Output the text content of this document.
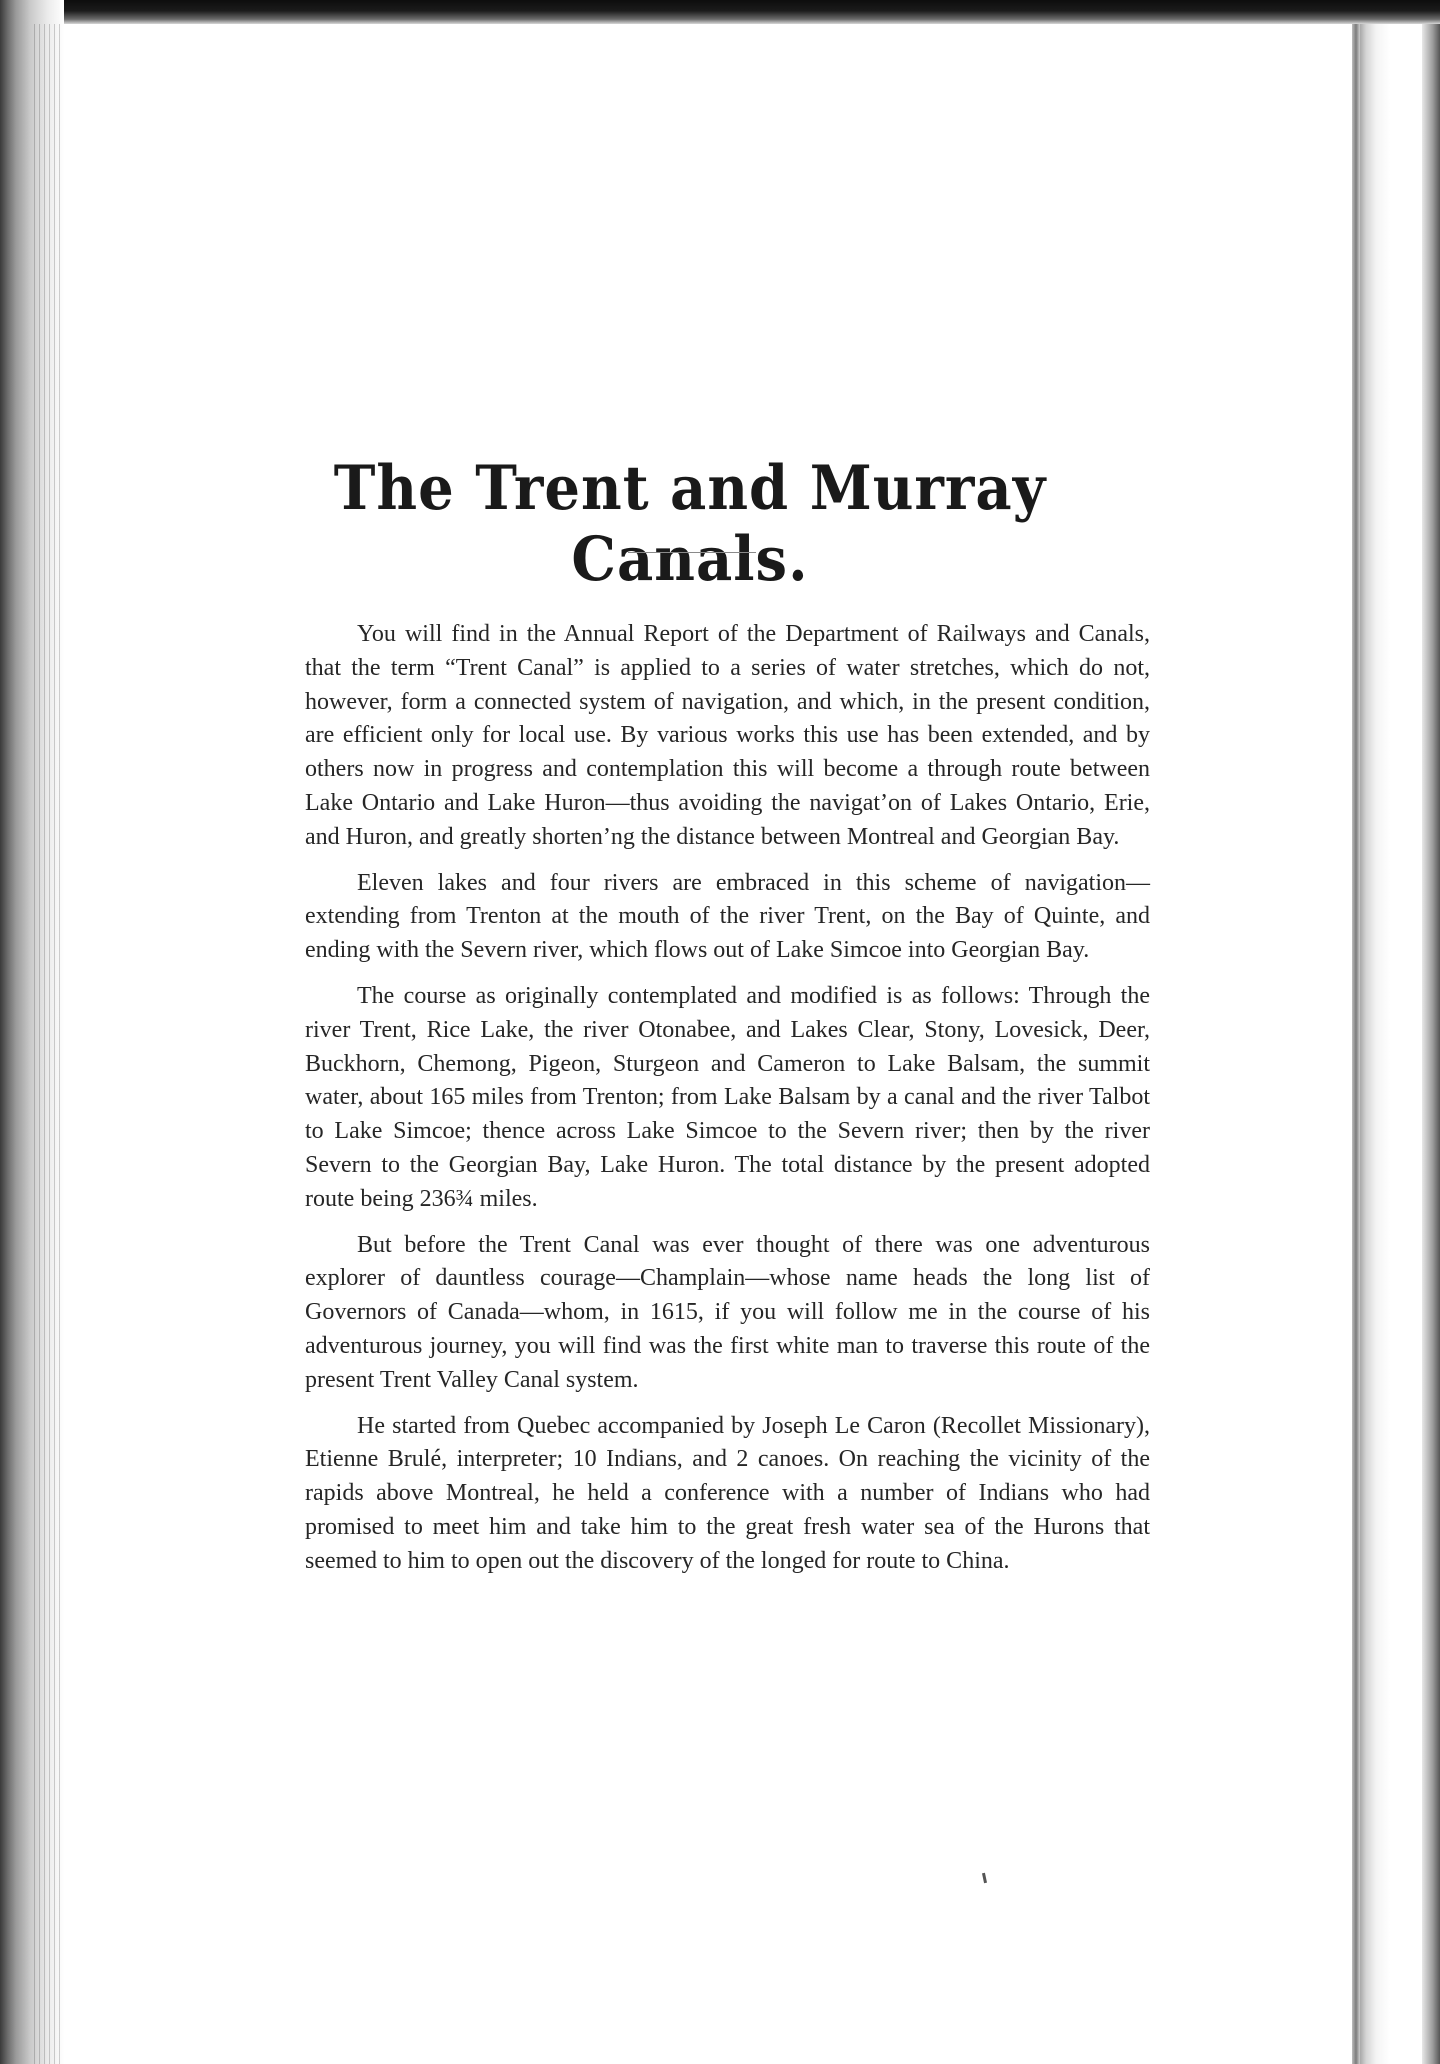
The Trent and Murray Canals.

You will find in the Annual Report of the Department of Railways and Canals, that the term “Trent Canal” is applied to a series of water stretches, which do not, however, form a connected system of navigation, and which, in the present condition, are efficient only for local use. By various works this use has been extended, and by others now in progress and contemplation this will become a through route between Lake Ontario and Lake Huron—thus avoiding the navigat’on of Lakes Ontario, Erie, and Huron, and greatly shorten’ng the distance between Montreal and Georgian Bay.

Eleven lakes and four rivers are embraced in this scheme of navigation—extending from Trenton at the mouth of the river Trent, on the Bay of Quinte, and ending with the Severn river, which flows out of Lake Simcoe into Georgian Bay.

The course as originally contemplated and modified is as follows: Through the river Trent, Rice Lake, the river Otonabee, and Lakes Clear, Stony, Lovesick, Deer, Buckhorn, Chemong, Pigeon, Sturgeon and Cameron to Lake Balsam, the summit water, about 165 miles from Trenton; from Lake Balsam by a canal and the river Talbot to Lake Simcoe; thence across Lake Simcoe to the Severn river; then by the river Severn to the Georgian Bay, Lake Huron. The total distance by the present adopted route being 236¾ miles.

But before the Trent Canal was ever thought of there was one adventurous explorer of dauntless courage—Champlain—whose name heads the long list of Governors of Canada—whom, in 1615, if you will follow me in the course of his adventurous journey, you will find was the first white man to traverse this route of the present Trent Valley Canal system.

He started from Quebec accompanied by Joseph Le Caron (Recollet Missionary), Etienne Brulé, interpreter; 10 Indians, and 2 canoes. On reaching the vicinity of the rapids above Montreal, he held a conference with a number of Indians who had promised to meet him and take him to the great fresh water sea of the Hurons that seemed to him to open out the discovery of the longed for route to China.
